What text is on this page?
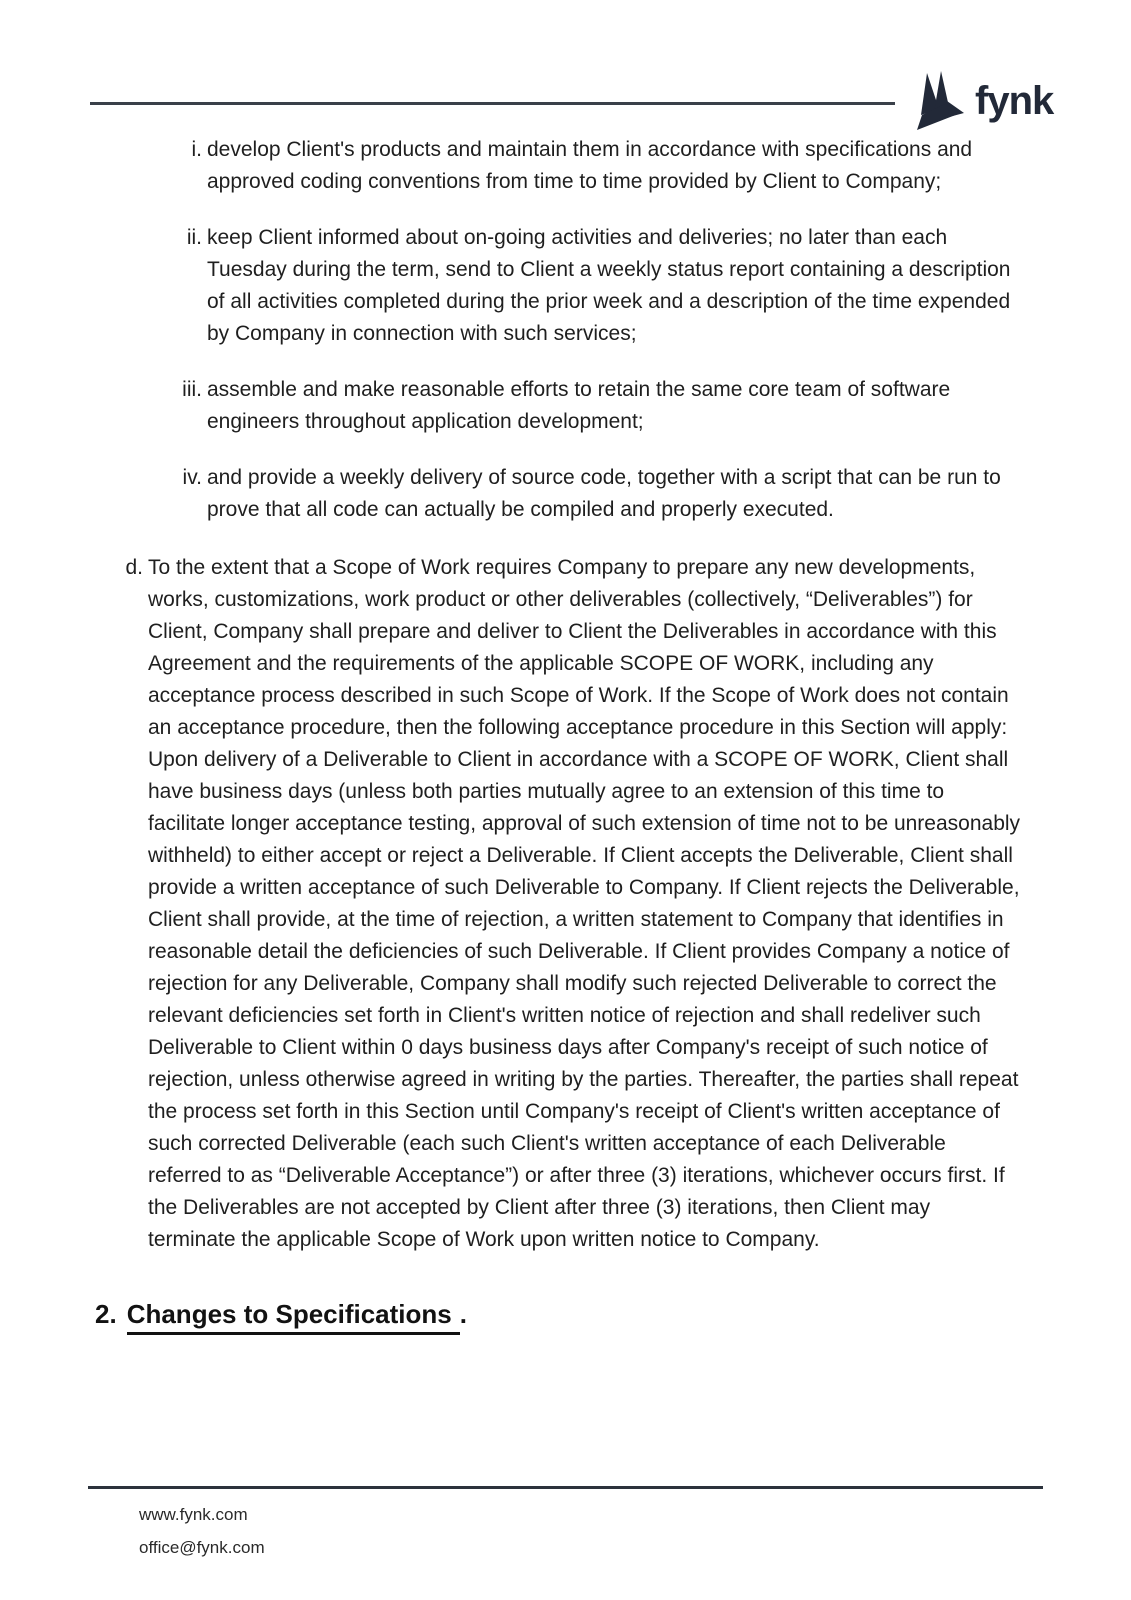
fynk
i. develop Client's products and maintain them in accordance with specifications and approved coding conventions from time to time provided by Client to Company;
ii. keep Client informed about on-going activities and deliveries; no later than each Tuesday during the term, send to Client a weekly status report containing a description of all activities completed during the prior week and a description of the time expended by Company in connection with such services;
iii. assemble and make reasonable efforts to retain the same core team of software engineers throughout application development;
iv. and provide a weekly delivery of source code, together with a script that can be run to prove that all code can actually be compiled and properly executed.
d. To the extent that a Scope of Work requires Company to prepare any new developments, works, customizations, work product or other deliverables (collectively, “Deliverables”) for Client, Company shall prepare and deliver to Client the Deliverables in accordance with this Agreement and the requirements of the applicable SCOPE OF WORK, including any acceptance process described in such Scope of Work. If the Scope of Work does not contain an acceptance procedure, then the following acceptance procedure in this Section will apply: Upon delivery of a Deliverable to Client in accordance with a SCOPE OF WORK, Client shall have business days (unless both parties mutually agree to an extension of this time to facilitate longer acceptance testing, approval of such extension of time not to be unreasonably withheld) to either accept or reject a Deliverable. If Client accepts the Deliverable, Client shall provide a written acceptance of such Deliverable to Company. If Client rejects the Deliverable, Client shall provide, at the time of rejection, a written statement to Company that identifies in reasonable detail the deficiencies of such Deliverable. If Client provides Company a notice of rejection for any Deliverable, Company shall modify such rejected Deliverable to correct the relevant deficiencies set forth in Client's written notice of rejection and shall redeliver such Deliverable to Client within 0 days business days after Company's receipt of such notice of rejection, unless otherwise agreed in writing by the parties. Thereafter, the parties shall repeat the process set forth in this Section until Company's receipt of Client's written acceptance of such corrected Deliverable (each such Client's written acceptance of each Deliverable referred to as “Deliverable Acceptance”) or after three (3) iterations, whichever occurs first. If the Deliverables are not accepted by Client after three (3) iterations, then Client may terminate the applicable Scope of Work upon written notice to Company.
2. Changes to Specifications .
www.fynk.com
office@fynk.com
